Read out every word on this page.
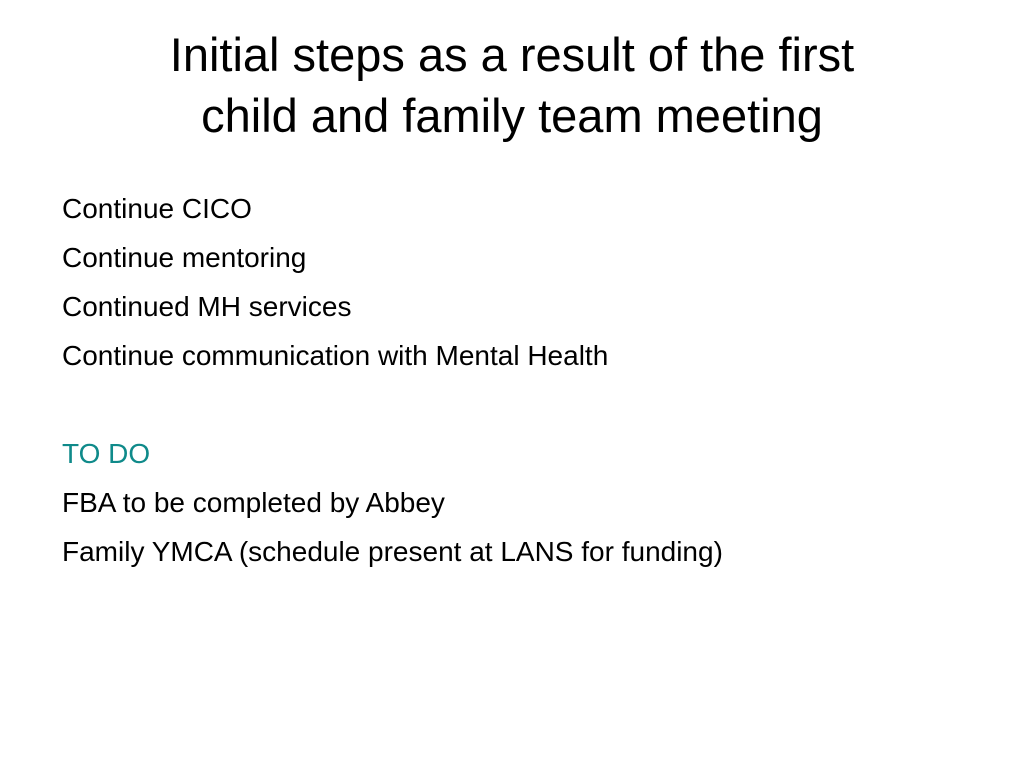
Initial steps as a result of the first
child and family team meeting
Continue CICO
Continue mentoring
Continued MH services
Continue communication with Mental Health
TO DO
FBA to be completed by Abbey
Family YMCA (schedule present at LANS for funding)
